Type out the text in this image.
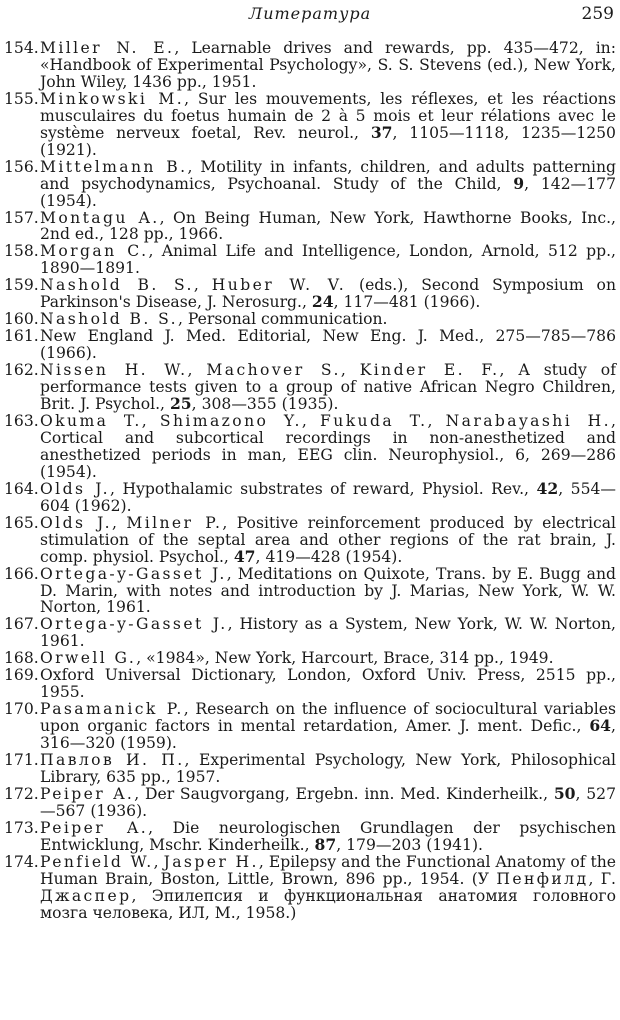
Литература	259
154. Miller N. E., Learnable drives and rewards, pp. 435—472, in: «Handbook of Experimental Psychology», S. S. Stevens (ed.), New York, John Wiley, 1436 pp., 1951.
155. Minkowski M., Sur les mouvements, les réflexes, et les réactions musculaires du foetus humain de 2 à 5 mois et leur rélations avec le système nerveux foetal, Rev. neurol., 37, 1105—1118, 1235—1250 (1921).
156. Mittelmann B., Motility in infants, children, and adults patterning and psychodynamics, Psychoanal. Study of the Child, 9, 142—177 (1954).
157. Montagu A., On Being Human, New York, Hawthorne Books, Inc., 2nd ed., 128 pp., 1966.
158. Morgan C., Animal Life and Intelligence, London, Arnold, 512 pp., 1890—1891.
159. Nashold B. S., Huber W. V. (eds.), Second Symposium on Parkinson's Disease, J. Nerosurg., 24, 117—481 (1966).
160. Nashold B. S., Personal communication.
161. New England J. Med. Editorial, New Eng. J. Med., 275—785—786 (1966).
162. Nissen H. W., Machover S., Kinder E. F., A study of performance tests given to a group of native African Negro Children, Brit. J. Psychol., 25, 308—355 (1935).
163. Okuma T., Shimazono Y., Fukuda T., Narabayashi H., Cortical and subcortical recordings in non-anesthetized and anesthetized periods in man, EEG clin. Neurophysiol., 6, 269—286 (1954).
164. Olds J., Hypothalamic substrates of reward, Physiol. Rev., 42, 554—604 (1962).
165. Olds J., Milner P., Positive reinforcement produced by electrical stimulation of the septal area and other regions of the rat brain, J. comp. physiol. Psychol., 47, 419—428 (1954).
166. Ortega-y-Gasset J., Meditations on Quixote, Trans. by E. Bugg and D. Marin, with notes and introduction by J. Marias, New York, W. W. Norton, 1961.
167. Ortega-y-Gasset J., History as a System, New York, W. W. Norton, 1961.
168. Orwell G., «1984», New York, Harcourt, Brace, 314 pp., 1949.
169. Oxford Universal Dictionary, London, Oxford Univ. Press, 2515 pp., 1955.
170. Pasamanick P., Research on the influence of sociocultural variables upon organic factors in mental retardation, Amer. J. ment. Defic., 64, 316—320 (1959).
171. Павлов И. П., Experimental Psychology, New York, Philosophical Library, 635 pp., 1957.
172. Peiper A., Der Saugvorgang, Ergebn. inn. Med. Kinderheilk., 50, 527—567 (1936).
173. Peiper A., Die neurologischen Grundlagen der psychischen Entwicklung, Mschr. Kinderheilk., 87, 179—203 (1941).
174. Penfield W., Jasper H., Epilepsy and the Functional Anatomy of the Human Brain, Boston, Little, Brown, 896 pp., 1954. (У Пенфилд, Г. Джаспер, Эпилепсия и функциональная анатомия головного мозга человека, ИЛ, М., 1958.)
